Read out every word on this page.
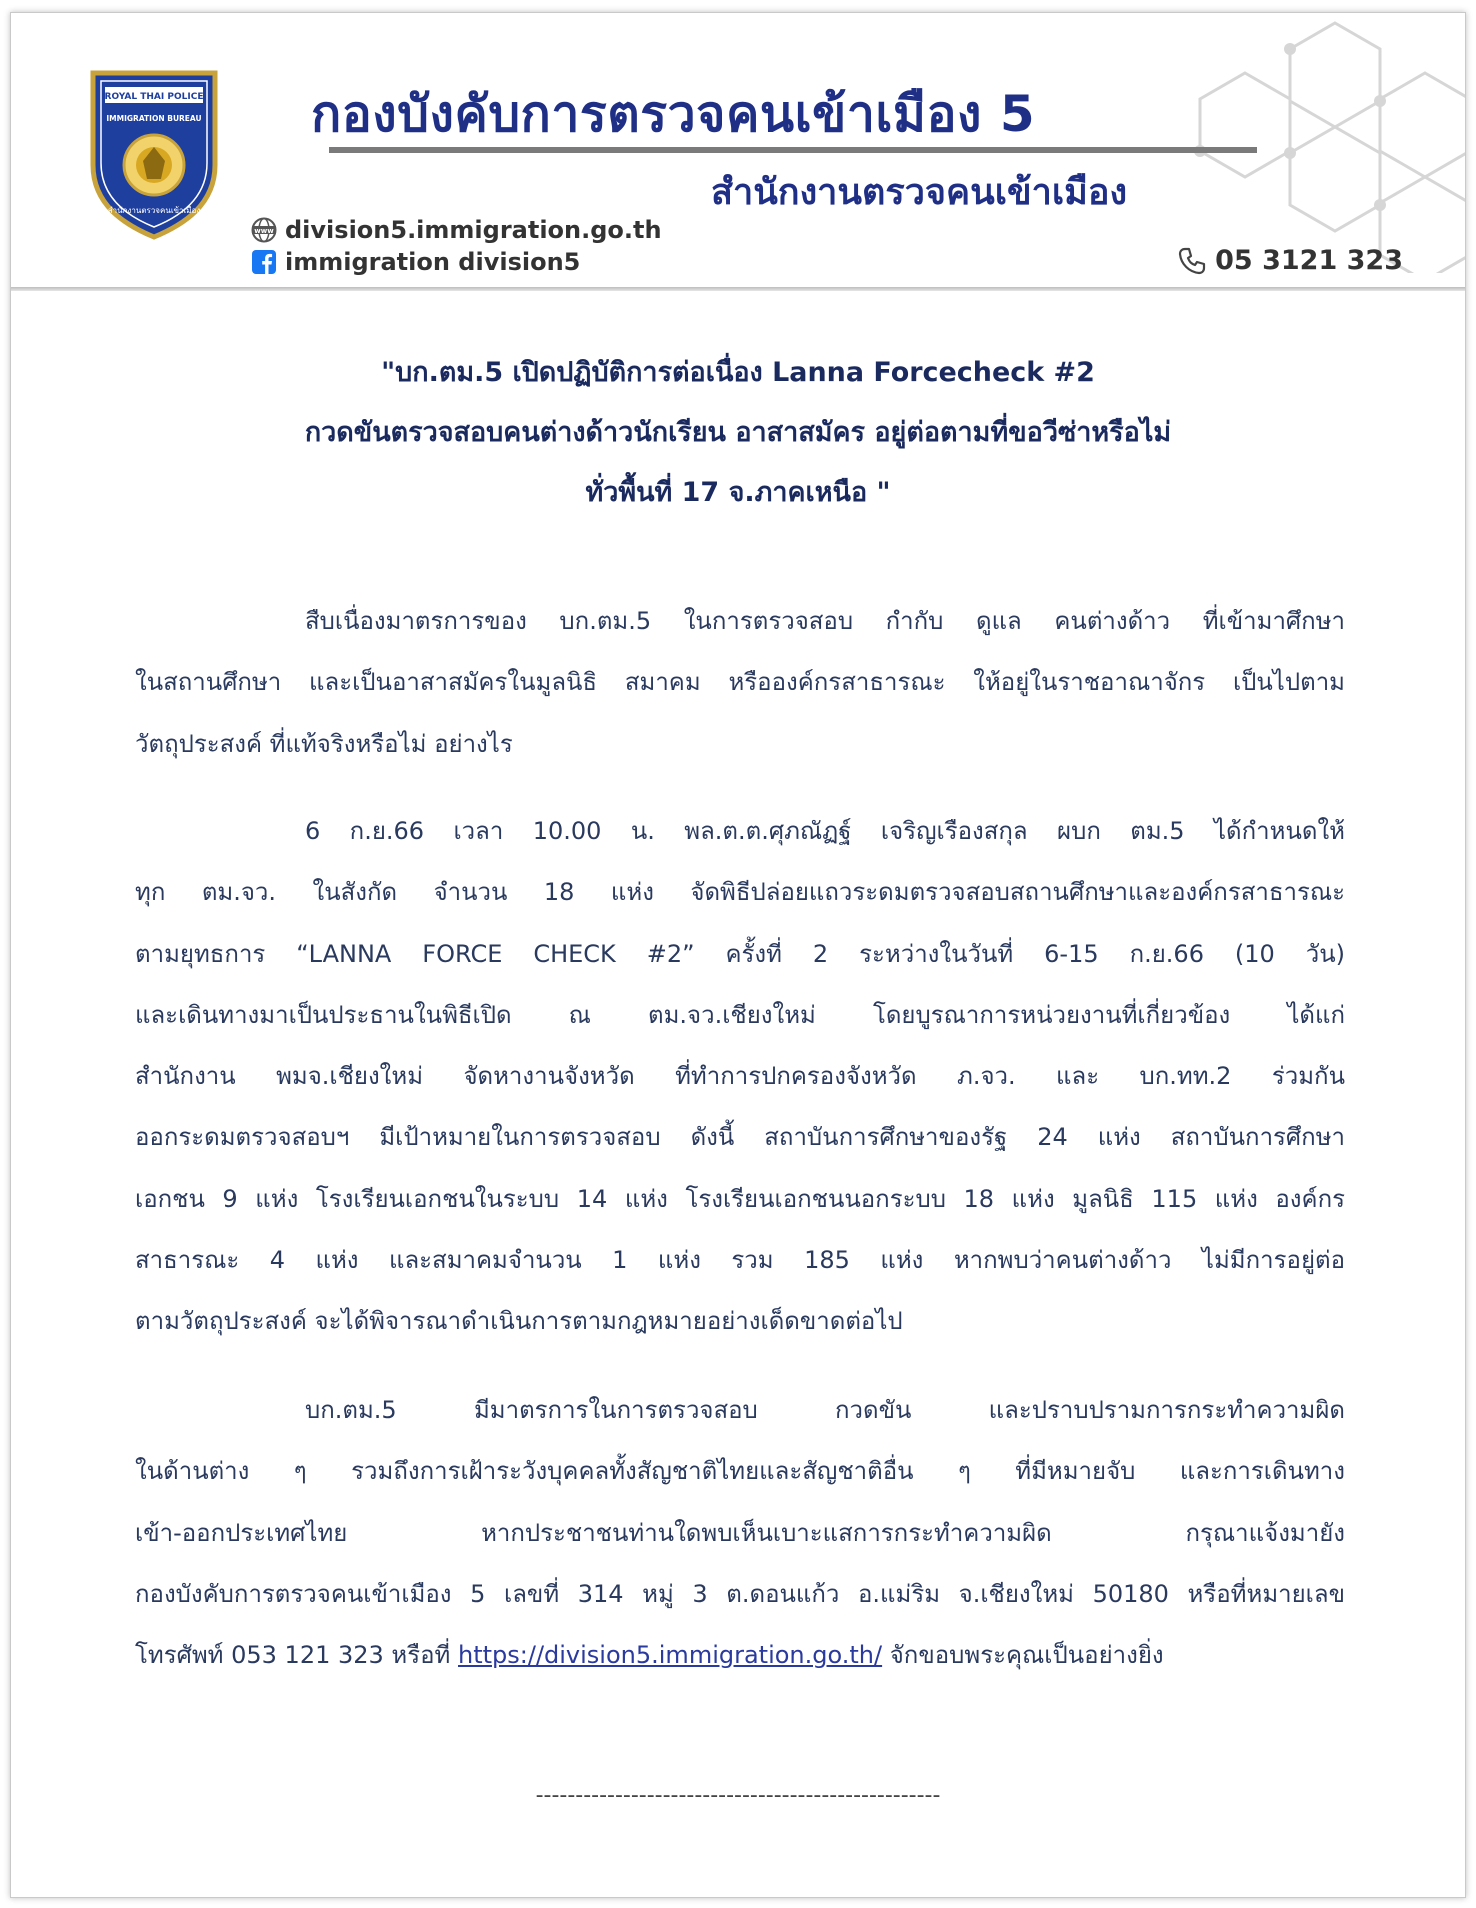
ROYAL THAI POLICE
IMMIGRATION BUREAU
สำนักงานตรวจคนเข้าเมือง
กองบังคับการตรวจคนเข้าเมือง 5
สำนักงานตรวจคนเข้าเมือง
www division5.immigration.go.th
immigration division5	05 3121 323
"บก.ตม.5 เปิดปฏิบัติการต่อเนื่อง Lanna Forcecheck #2
กวดขันตรวจสอบคนต่างด้าวนักเรียน อาสาสมัคร อยู่ต่อตามที่ขอวีซ่าหรือไม่
ทั่วพื้นที่ 17 จ.ภาคเหนือ "
สืบเนื่องมาตรการของ บก.ตม.5 ในการตรวจสอบ กำกับ ดูแล คนต่างด้าว ที่เข้ามาศึกษา
ในสถานศึกษา และเป็นอาสาสมัครในมูลนิธิ สมาคม หรือองค์กรสาธารณะ ให้อยู่ในราชอาณาจักร เป็นไปตาม
วัตถุประสงค์ ที่แท้จริงหรือไม่ อย่างไร
6 ก.ย.66 เวลา 10.00 น. พล.ต.ต.ศุภณัฏฐ์ เจริญเรืองสกุล ผบก ตม.5 ได้กำหนดให้
ทุก ตม.จว. ในสังกัด จำนวน 18 แห่ง จัดพิธีปล่อยแถวระดมตรวจสอบสถานศึกษาและองค์กรสาธารณะ
ตามยุทธการ “LANNA FORCE CHECK #2” ครั้งที่ 2 ระหว่างในวันที่ 6-15 ก.ย.66 (10 วัน)
และเดินทางมาเป็นประธานในพิธีเปิด ณ ตม.จว.เชียงใหม่ โดยบูรณาการหน่วยงานที่เกี่ยวข้อง ได้แก่
สำนักงาน พมจ.เชียงใหม่ จัดหางานจังหวัด ที่ทำการปกครองจังหวัด ภ.จว. และ บก.ทท.2 ร่วมกัน
ออกระดมตรวจสอบฯ มีเป้าหมายในการตรวจสอบ ดังนี้ สถาบันการศึกษาของรัฐ 24 แห่ง สถาบันการศึกษา
เอกชน 9 แห่ง โรงเรียนเอกชนในระบบ 14 แห่ง โรงเรียนเอกชนนอกระบบ 18 แห่ง มูลนิธิ 115 แห่ง องค์กร
สาธารณะ 4 แห่ง และสมาคมจำนวน 1 แห่ง รวม 185 แห่ง หากพบว่าคนต่างด้าว ไม่มีการอยู่ต่อ
ตามวัตถุประสงค์ จะได้พิจารณาดำเนินการตามกฎหมายอย่างเด็ดขาดต่อไป
บก.ตม.5 มีมาตรการในการตรวจสอบ กวดขัน และปราบปรามการกระทำความผิด
ในด้านต่าง ๆ รวมถึงการเฝ้าระวังบุคคลทั้งสัญชาติไทยและสัญชาติอื่น ๆ ที่มีหมายจับ และการเดินทาง
เข้า-ออกประเทศไทย หากประชาชนท่านใดพบเห็นเบาะแสการกระทำความผิด กรุณาแจ้งมายัง
กองบังคับการตรวจคนเข้าเมือง 5 เลขที่ 314 หมู่ 3 ต.ดอนแก้ว อ.แม่ริม จ.เชียงใหม่ 50180 หรือที่หมายเลข
โทรศัพท์ 053 121 323 หรือที่ https://division5.immigration.go.th/ จักขอบพระคุณเป็นอย่างยิ่ง
---------------------------------------------------
